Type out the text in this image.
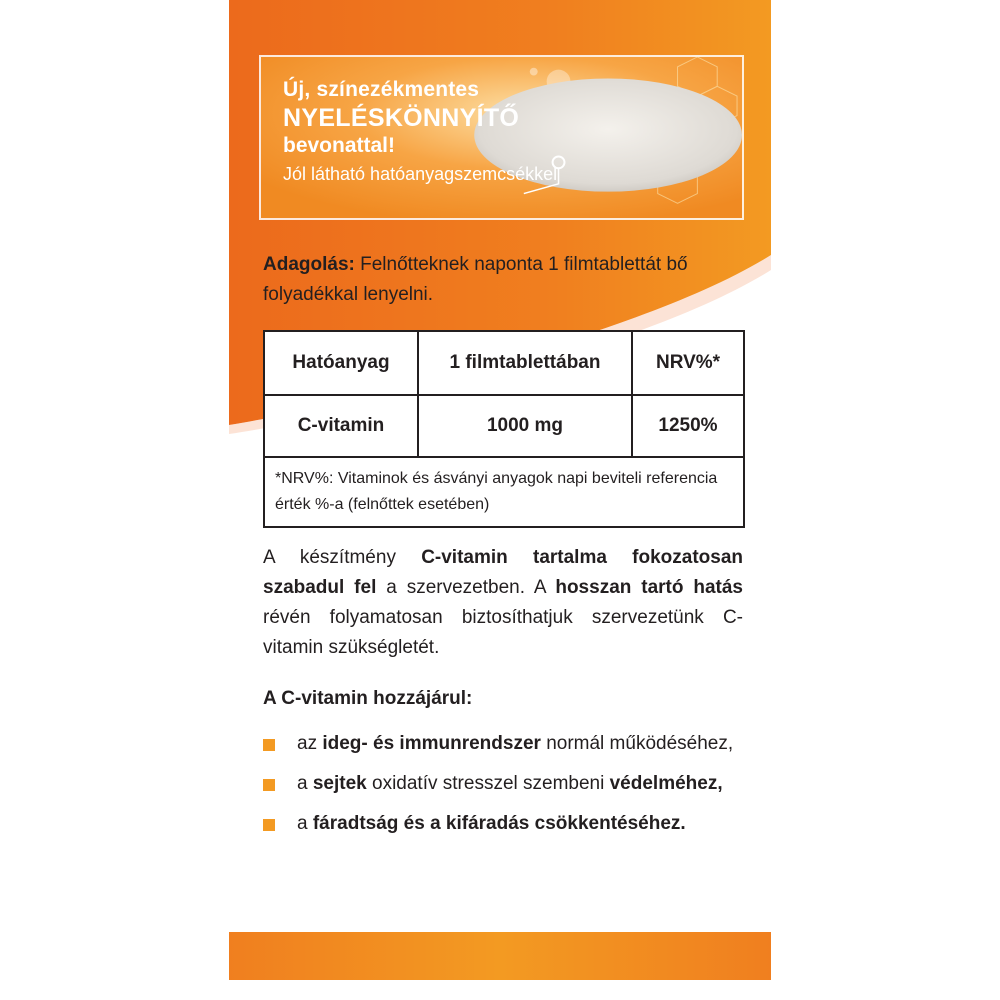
Új, színezékmentes
NYELÉSKÖNNYÍTŐ
bevonattal!
Jól látható hatóanyagszemcsékkel
Adagolás: Felnőtteknek naponta 1 filmtablettát bő folyadékkal lenyelni.
Hatóanyag	1 filmtablettában	NRV%*
C-vitamin	1000 mg	1250%
*NRV%: Vitaminok és ásványi anyagok napi beviteli referencia érték %-a (felnőttek esetében)		
A készítmény C-vitamin tartalma fokozatosan szabadul fel a szervezetben. A hosszan tartó hatás révén folyamatosan biztosíthatjuk szervezetünk C-vitamin szükségletét.
A C-vitamin hozzájárul:
az ideg- és immunrendszer normál működéséhez,
a sejtek oxidatív stresszel szembeni védelméhez,
a fáradtság és a kifáradás csökkentéséhez.
